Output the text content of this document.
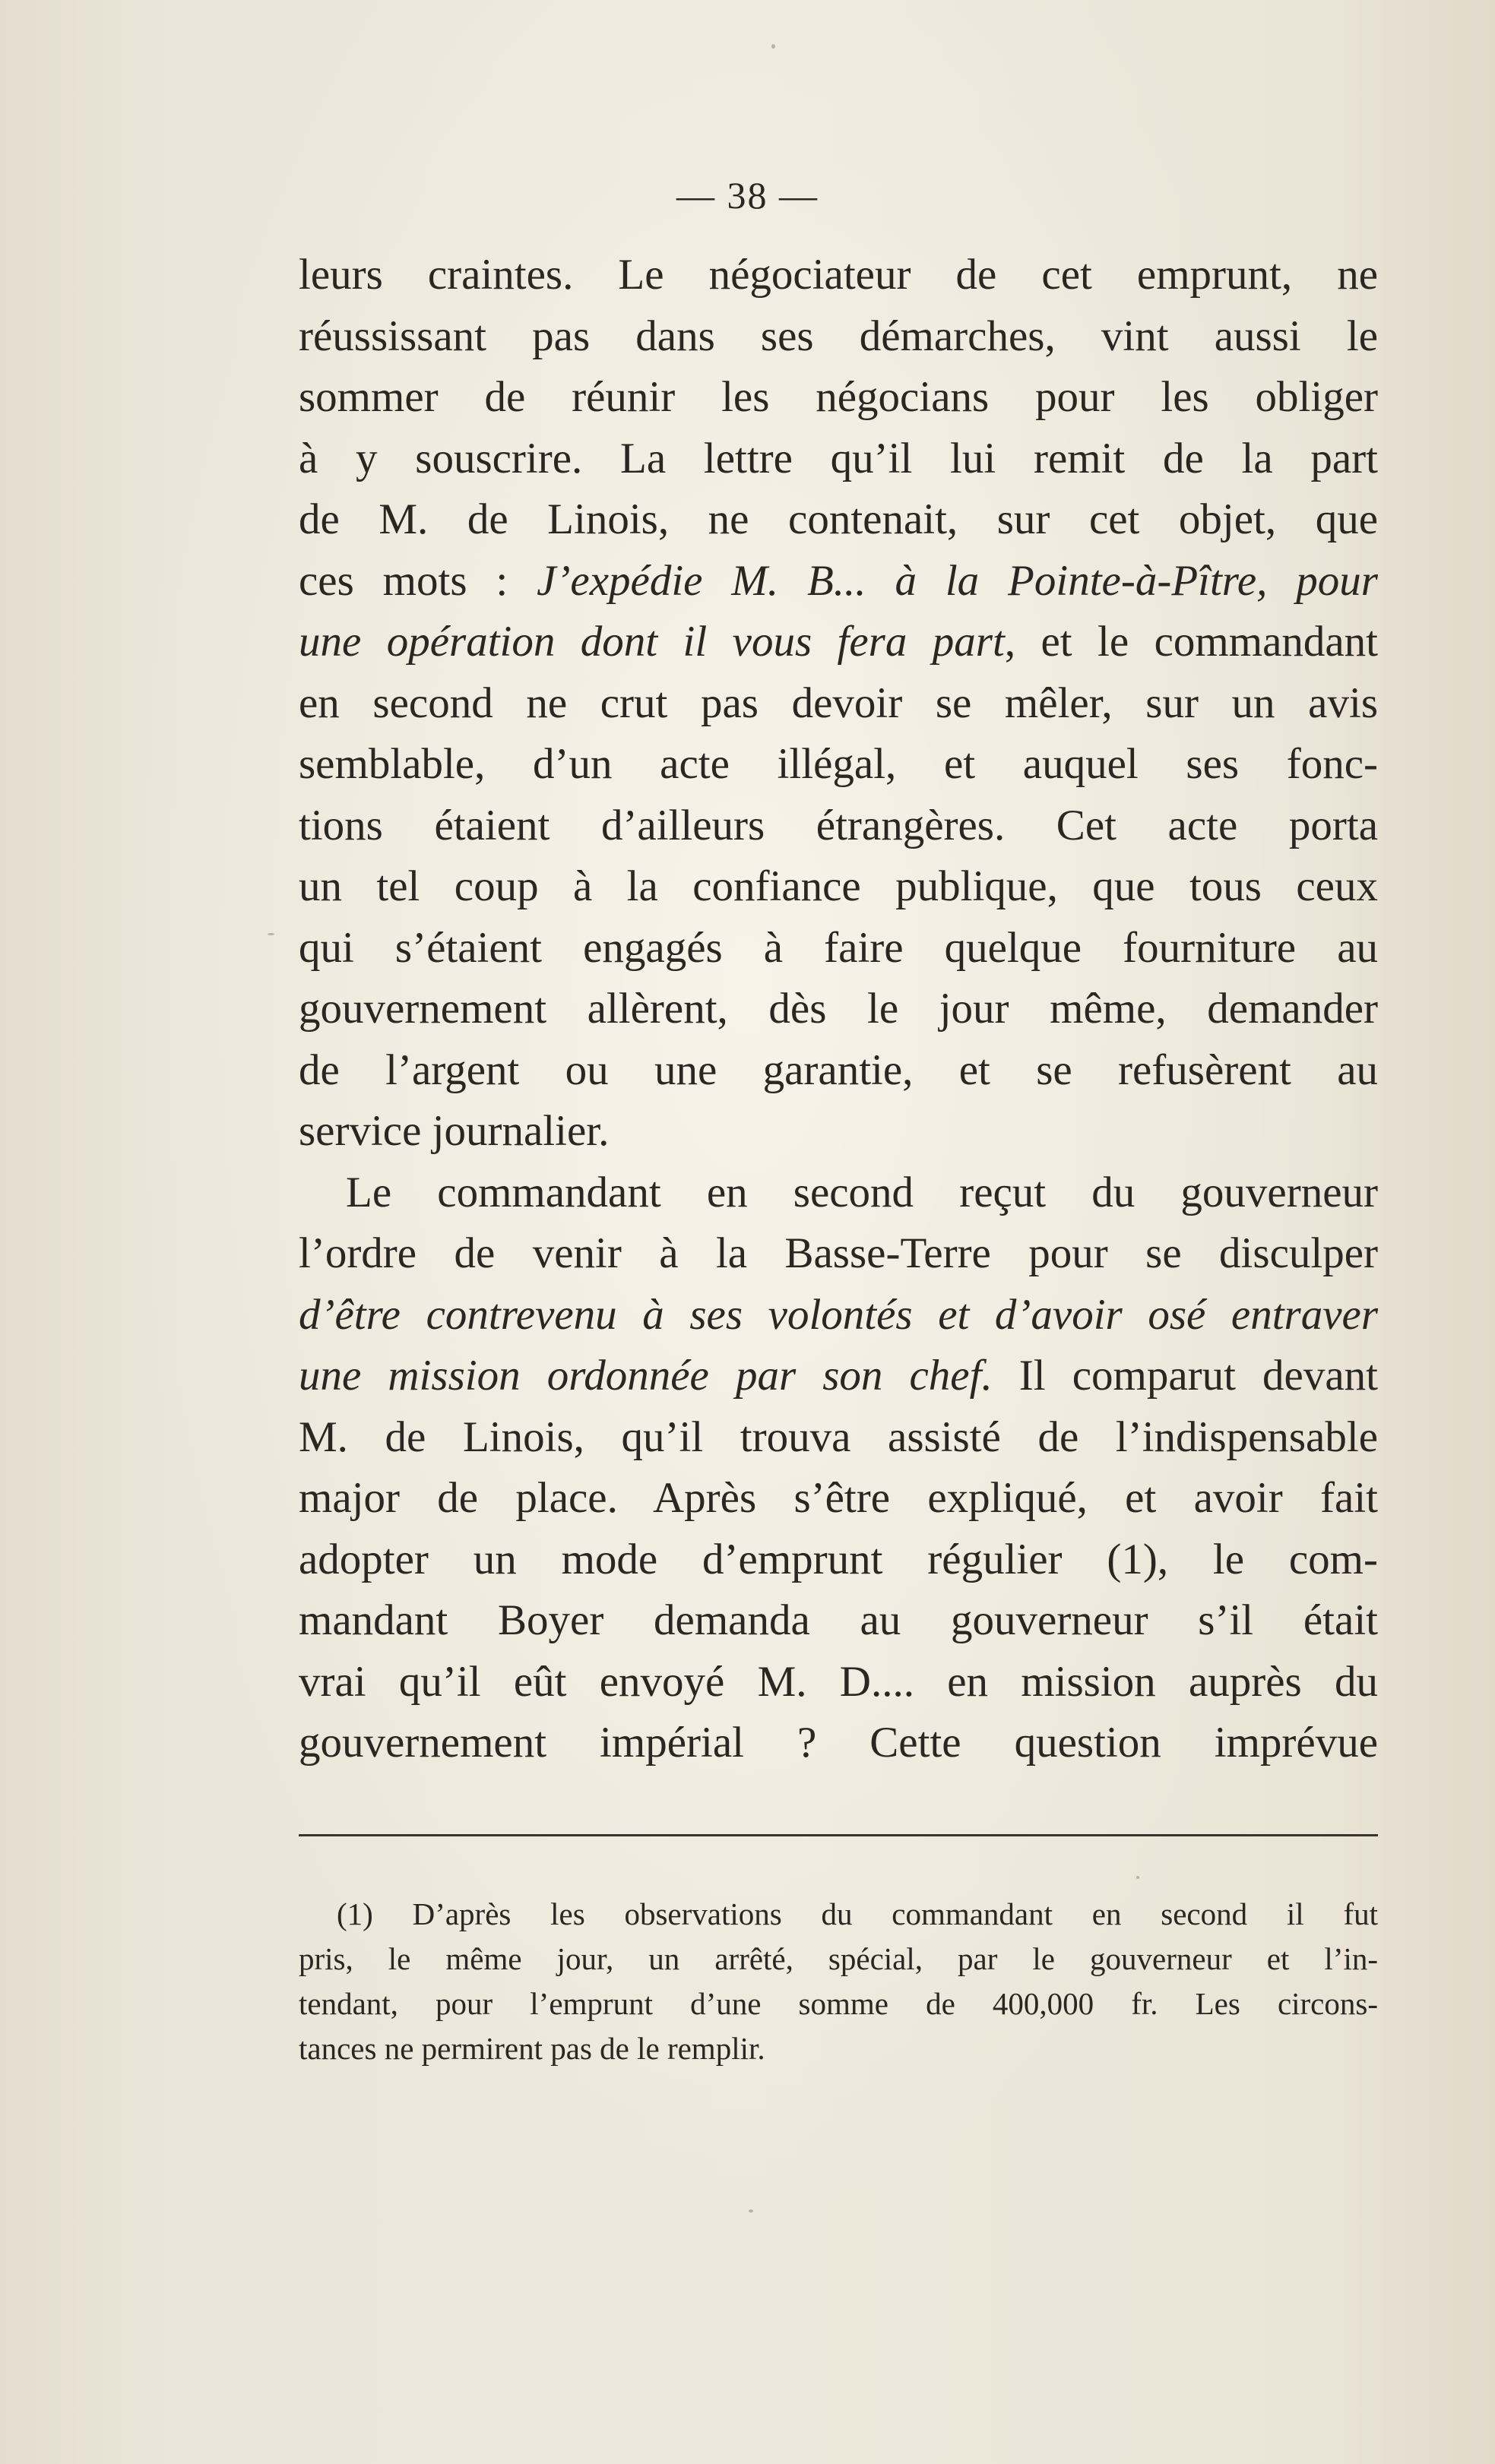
— 38 —
leurs craintes. Le négociateur de cet emprunt, ne
réussissant pas dans ses démarches, vint aussi le
sommer de réunir les négocians pour les obliger
à y souscrire. La lettre qu’il lui remit de la part
de M. de Linois, ne contenait, sur cet objet, que
ces mots : J’expédie M. B... à la Pointe-à-Pître, pour
une opération dont il vous fera part, et le commandant
en second ne crut pas devoir se mêler, sur un avis
semblable, d’un acte illégal, et auquel ses fonc-
tions étaient d’ailleurs étrangères. Cet acte porta
un tel coup à la confiance publique, que tous ceux
qui s’étaient engagés à faire quelque fourniture au
gouvernement allèrent, dès le jour même, demander
de l’argent ou une garantie, et se refusèrent au
service journalier.
Le commandant en second reçut du gouverneur
l’ordre de venir à la Basse-Terre pour se disculper
d’être contrevenu à ses volontés et d’avoir osé entraver
une mission ordonnée par son chef. Il comparut devant
M. de Linois, qu’il trouva assisté de l’indispensable
major de place. Après s’être expliqué, et avoir fait
adopter un mode d’emprunt régulier (1), le com-
mandant Boyer demanda au gouverneur s’il était
vrai qu’il eût envoyé M. D.... en mission auprès du
gouvernement impérial ? Cette question imprévue
(1) D’après les observations du commandant en second il fut
pris, le même jour, un arrêté, spécial, par le gouverneur et l’in-
tendant, pour l’emprunt d’une somme de 400,000 fr. Les circons-
tances ne permirent pas de le remplir.
